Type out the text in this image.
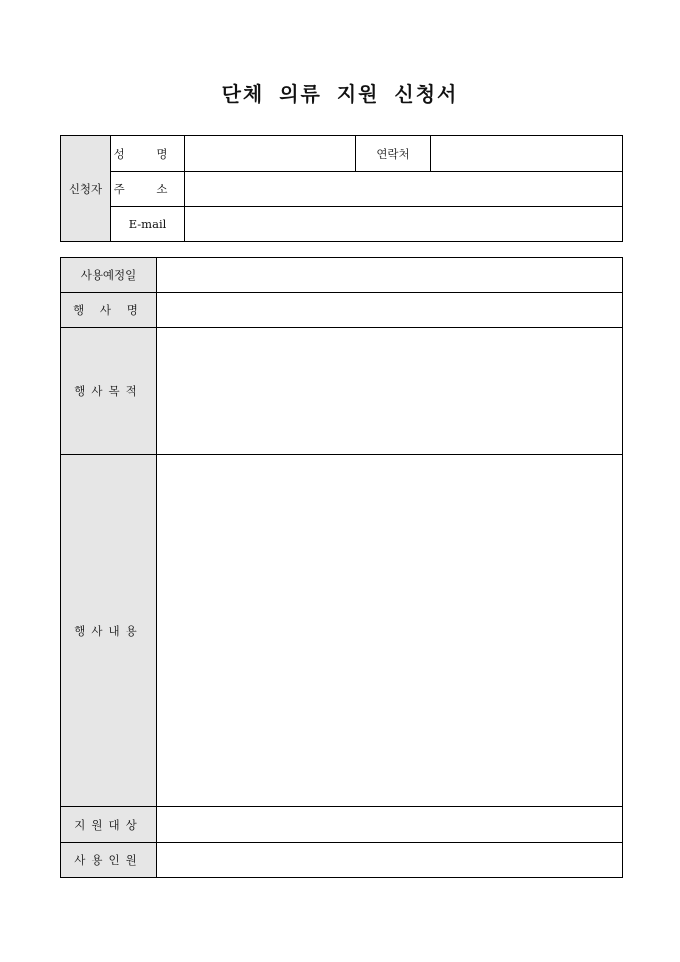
단체 의류 지원 신청서
신청자	성 명		연락처	
	주 소			
	E-mail			
사용예정일	
행 사 명	
행사목적	
행사내용	
지원대상	
사용인원	
